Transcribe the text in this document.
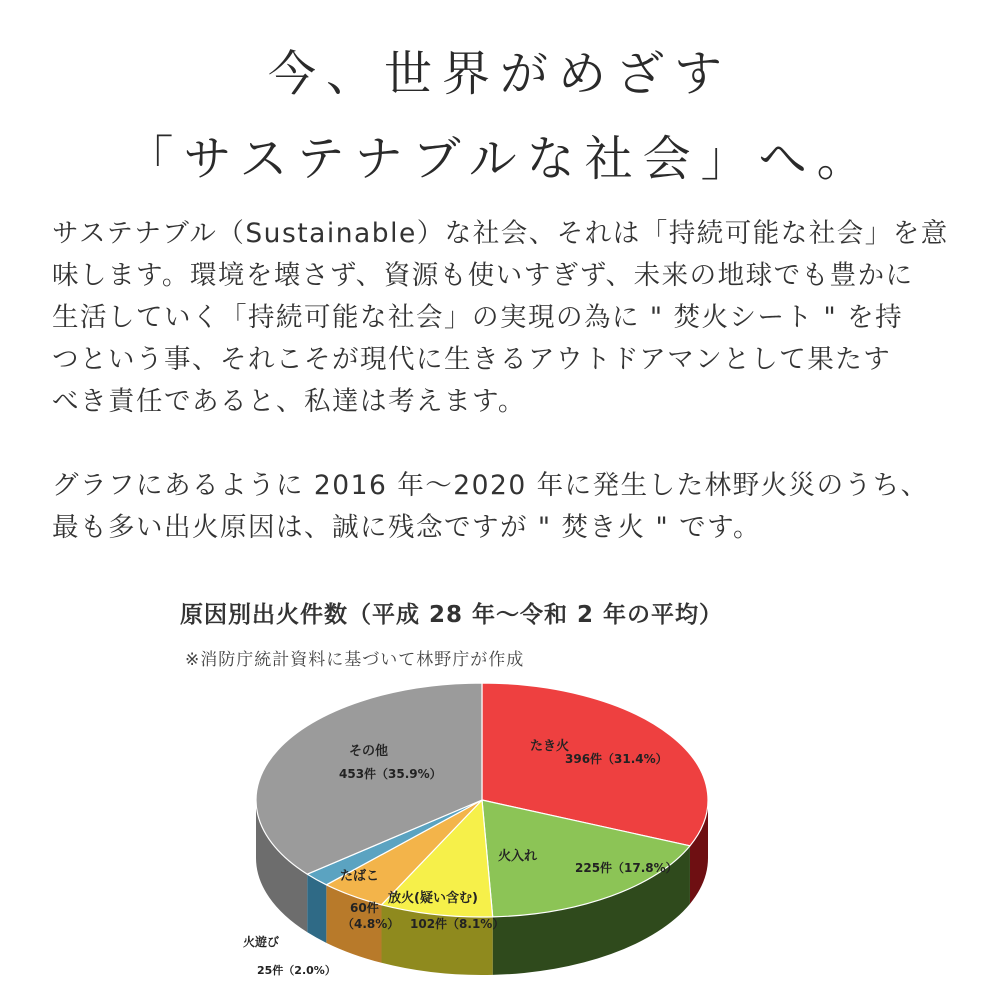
今、世界がめざす
「サステナブルな社会」へ。
サステナブル（Sustainable）な社会、それは「持続可能な社会」を意
味します。環境を壊さず、資源も使いすぎず、未来の地球でも豊かに
生活していく「持続可能な社会」の実現の為に " 焚火シート " を持
つという事、それこそが現代に生きるアウトドアマンとして果たす
べき責任であると、私達は考えます。
グラフにあるように 2016 年〜2020 年に発生した林野火災のうち、
最も多い出火原因は、誠に残念ですが " 焚き火 " です。
原因別出火件数（平成 28 年〜令和 2 年の平均）
※消防庁統計資料に基づいて林野庁が作成
たき火
396件（31.4%）
火入れ
225件（17.8%）
放火(疑い含む)
102件（8.1%）
たばこ
60件
（4.8%）
火遊び
25件（2.0%）
その他
453件（35.9%）
